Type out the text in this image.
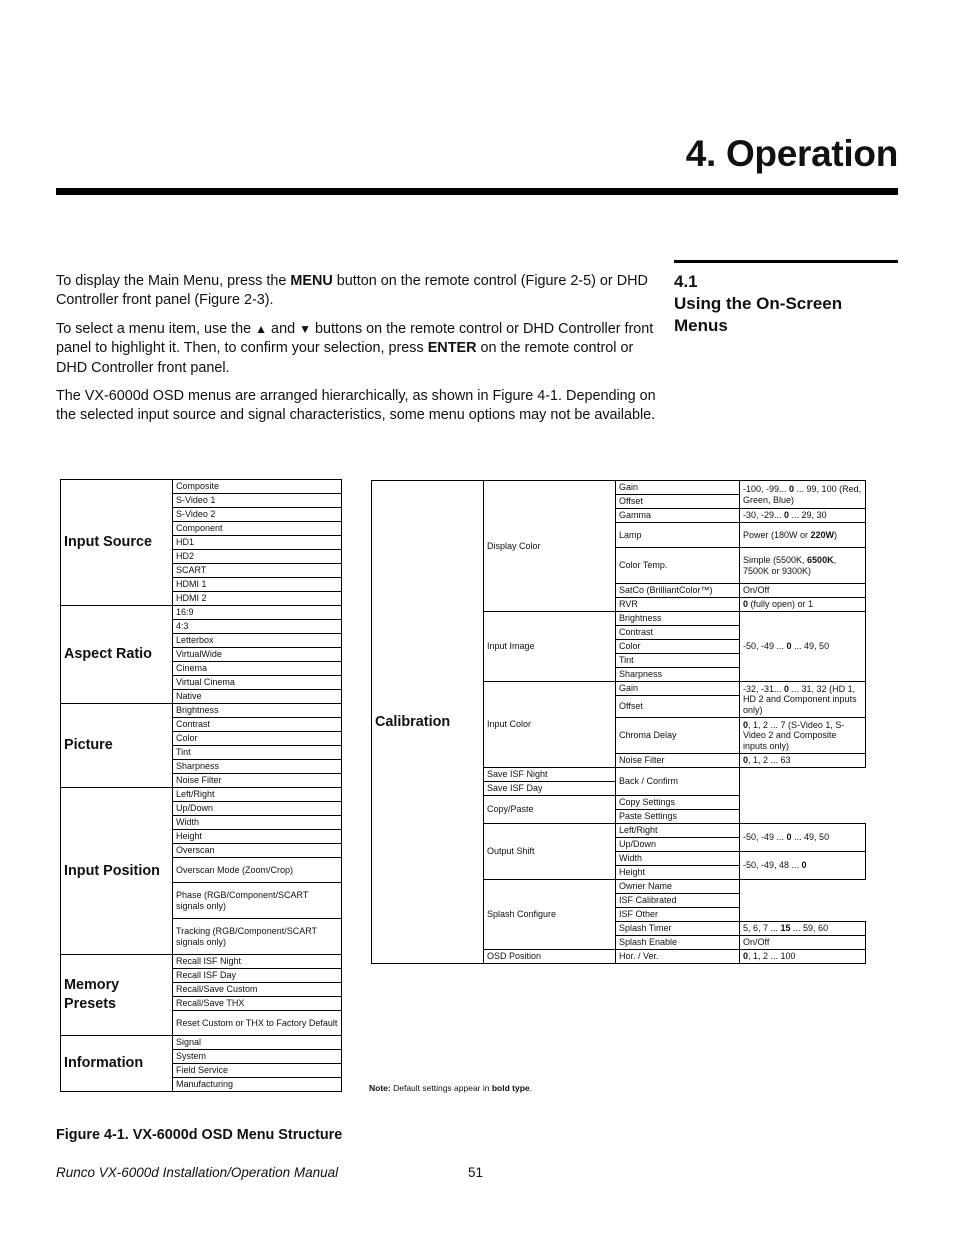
4. Operation
4.1
Using the On-Screen Menus
To display the Main Menu, press the MENU button on the remote control (Figure 2-5) or DHD Controller front panel (Figure 2-3).
To select a menu item, use the ▲ and ▼ buttons on the remote control or DHD Controller front panel to highlight it. Then, to confirm your selection, press ENTER on the remote control or DHD Controller front panel.
The VX-6000d OSD menus are arranged hierarchically, as shown in Figure 4-1. Depending on the selected input source and signal characteristics, some menu options may not be available.
Input Source	Composite
	S-Video 1
	S-Video 2
	Component
	HD1
	HD2
	SCART
	HDMI 1
	HDMI 2
Aspect Ratio	16:9
	4:3
	Letterbox
	VirtualWide
	Cinema
	Virtual Cinema
	Native
Picture	Brightness
	Contrast
	Color
	Tint
	Sharpness
	Noise Filter
Input Position	Left/Right
	Up/Down
	Width
	Height
	Overscan
	Overscan Mode (Zoom/Crop)
	Phase (RGB/Component/SCART signals only)
	Tracking (RGB/Component/SCART signals only)
Memory Presets	Recall ISF Night
	Recall ISF Day
	Recall/Save Custom
	Recall/Save THX
	Reset Custom or THX to Factory Default
Information	Signal
	System
	Field Service
	Manufacturing
Calibration	Display Color	Gain	-100, -99... 0 ... 99, 100 (Red, Green, Blue)
		Offset	
		Gamma	-30, -29... 0 ... 29, 30
		Lamp	Power (180W or 220W)
		Color Temp.	Simple (5500K, 6500K, 7500K or 9300K)
		SatCo (BrilliantColor™)	On/Off
		RVR	0 (fully open) or 1

	Input Image	Brightness	-50, -49 ... 0 ... 49, 50
		Contrast	
		Color	
		Tint	
		Sharpness	
	Input Color	Gain	-32, -31... 0 ... 31, 32 (HD 1, HD 2 and Component inputs only)
		Offset	
		Chroma Delay	0, 1, 2 ... 7 (S-Video 1, S-Video 2 and Composite inputs only)
		Noise Filter	0, 1, 2 ... 63
	Save ISF Night	Back / Confirm	
	Save ISF Day		
	Copy/Paste	Copy Settings	
		Paste Settings	

	Output Shift	Left/Right	-50, -49 ... 0 ... 49, 50
		Up/Down	
		Width	-50, -49, 48 ... 0
		Height	
	Splash Configure	Owner Name	
		ISF Calibrated	
		ISF Other	
		Splash Timer	5, 6, 7 ... 15 ... 59, 60
		Splash Enable	On/Off
	OSD Position	Hor. / Ver.	0, 1, 2 ... 100
Note: Default settings appear in bold type.
Figure 4-1. VX-6000d OSD Menu Structure
Runco VX-6000d Installation/Operation Manual	51
